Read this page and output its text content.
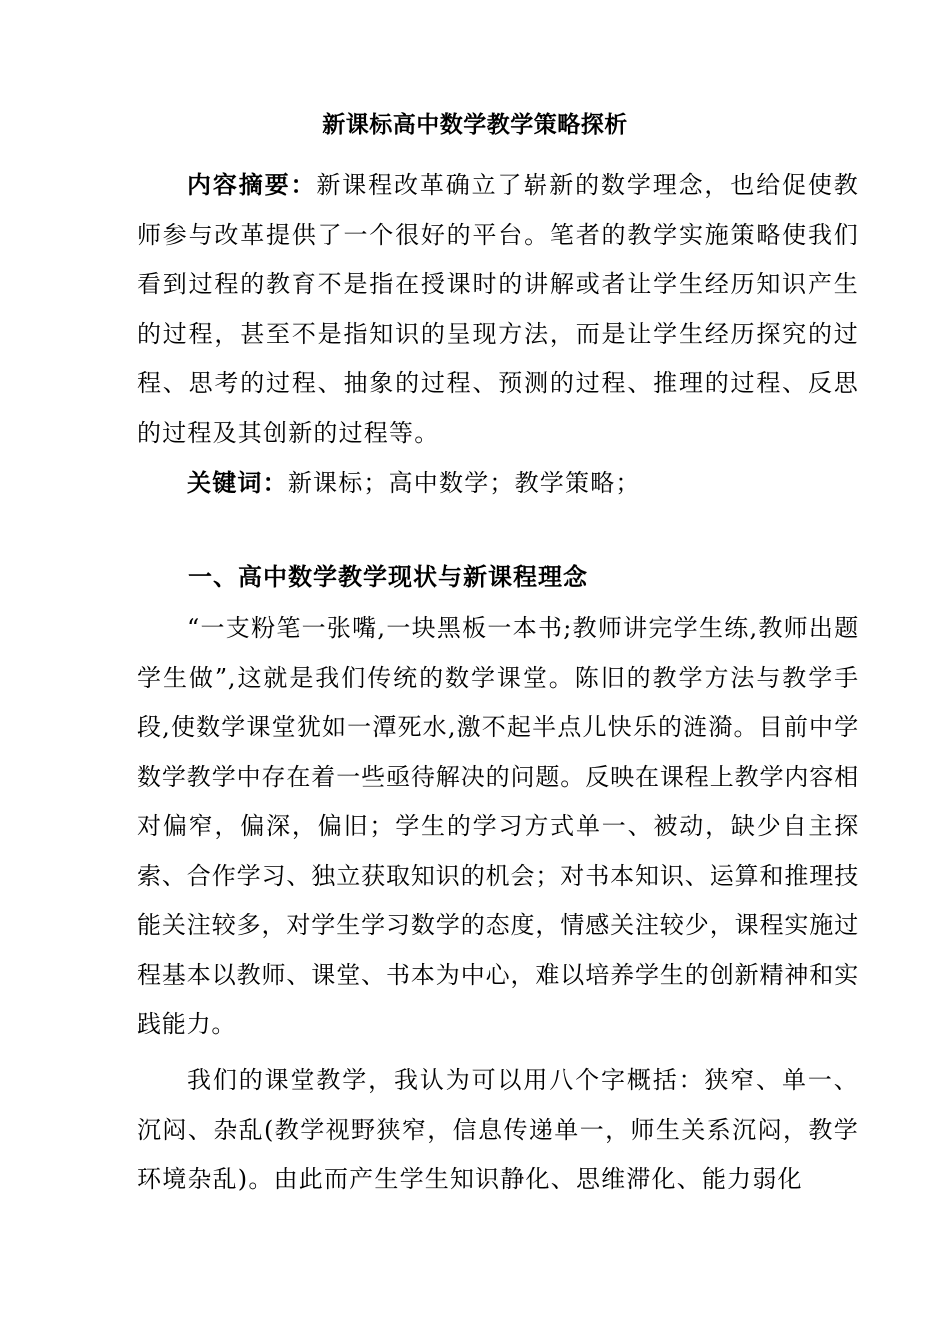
新课标高中数学教学策略探析
内容摘要：新课程改革确立了崭新的数学理念，也给促使教师参与改革提供了一个很好的平台。笔者的教学实施策略使我们看到过程的教育不是指在授课时的讲解或者让学生经历知识产生的过程，甚至不是指知识的呈现方法，而是让学生经历探究的过程、思考的过程、抽象的过程、预测的过程、推理的过程、反思的过程及其创新的过程等。
关键词：新课标；高中数学；教学策略；
一、高中数学教学现状与新课程理念
“一支粉笔一张嘴,一块黑板一本书;教师讲完学生练,教师出题学生做”,这就是我们传统的数学课堂。陈旧的教学方法与教学手段,使数学课堂犹如一潭死水,激不起半点儿快乐的涟漪。目前中学数学教学中存在着一些亟待解决的问题。反映在课程上教学内容相对偏窄，偏深，偏旧；学生的学习方式单一、被动，缺少自主探索、合作学习、独立获取知识的机会；对书本知识、运算和推理技能关注较多，对学生学习数学的态度，情感关注较少，课程实施过程基本以教师、课堂、书本为中心，难以培养学生的创新精神和实践能力。
我们的课堂教学，我认为可以用八个字概括：狭窄、单一、沉闷、杂乱(教学视野狭窄，信息传递单一，师生关系沉闷，教学环境杂乱)。由此而产生学生知识静化、思维滞化、能力弱化
